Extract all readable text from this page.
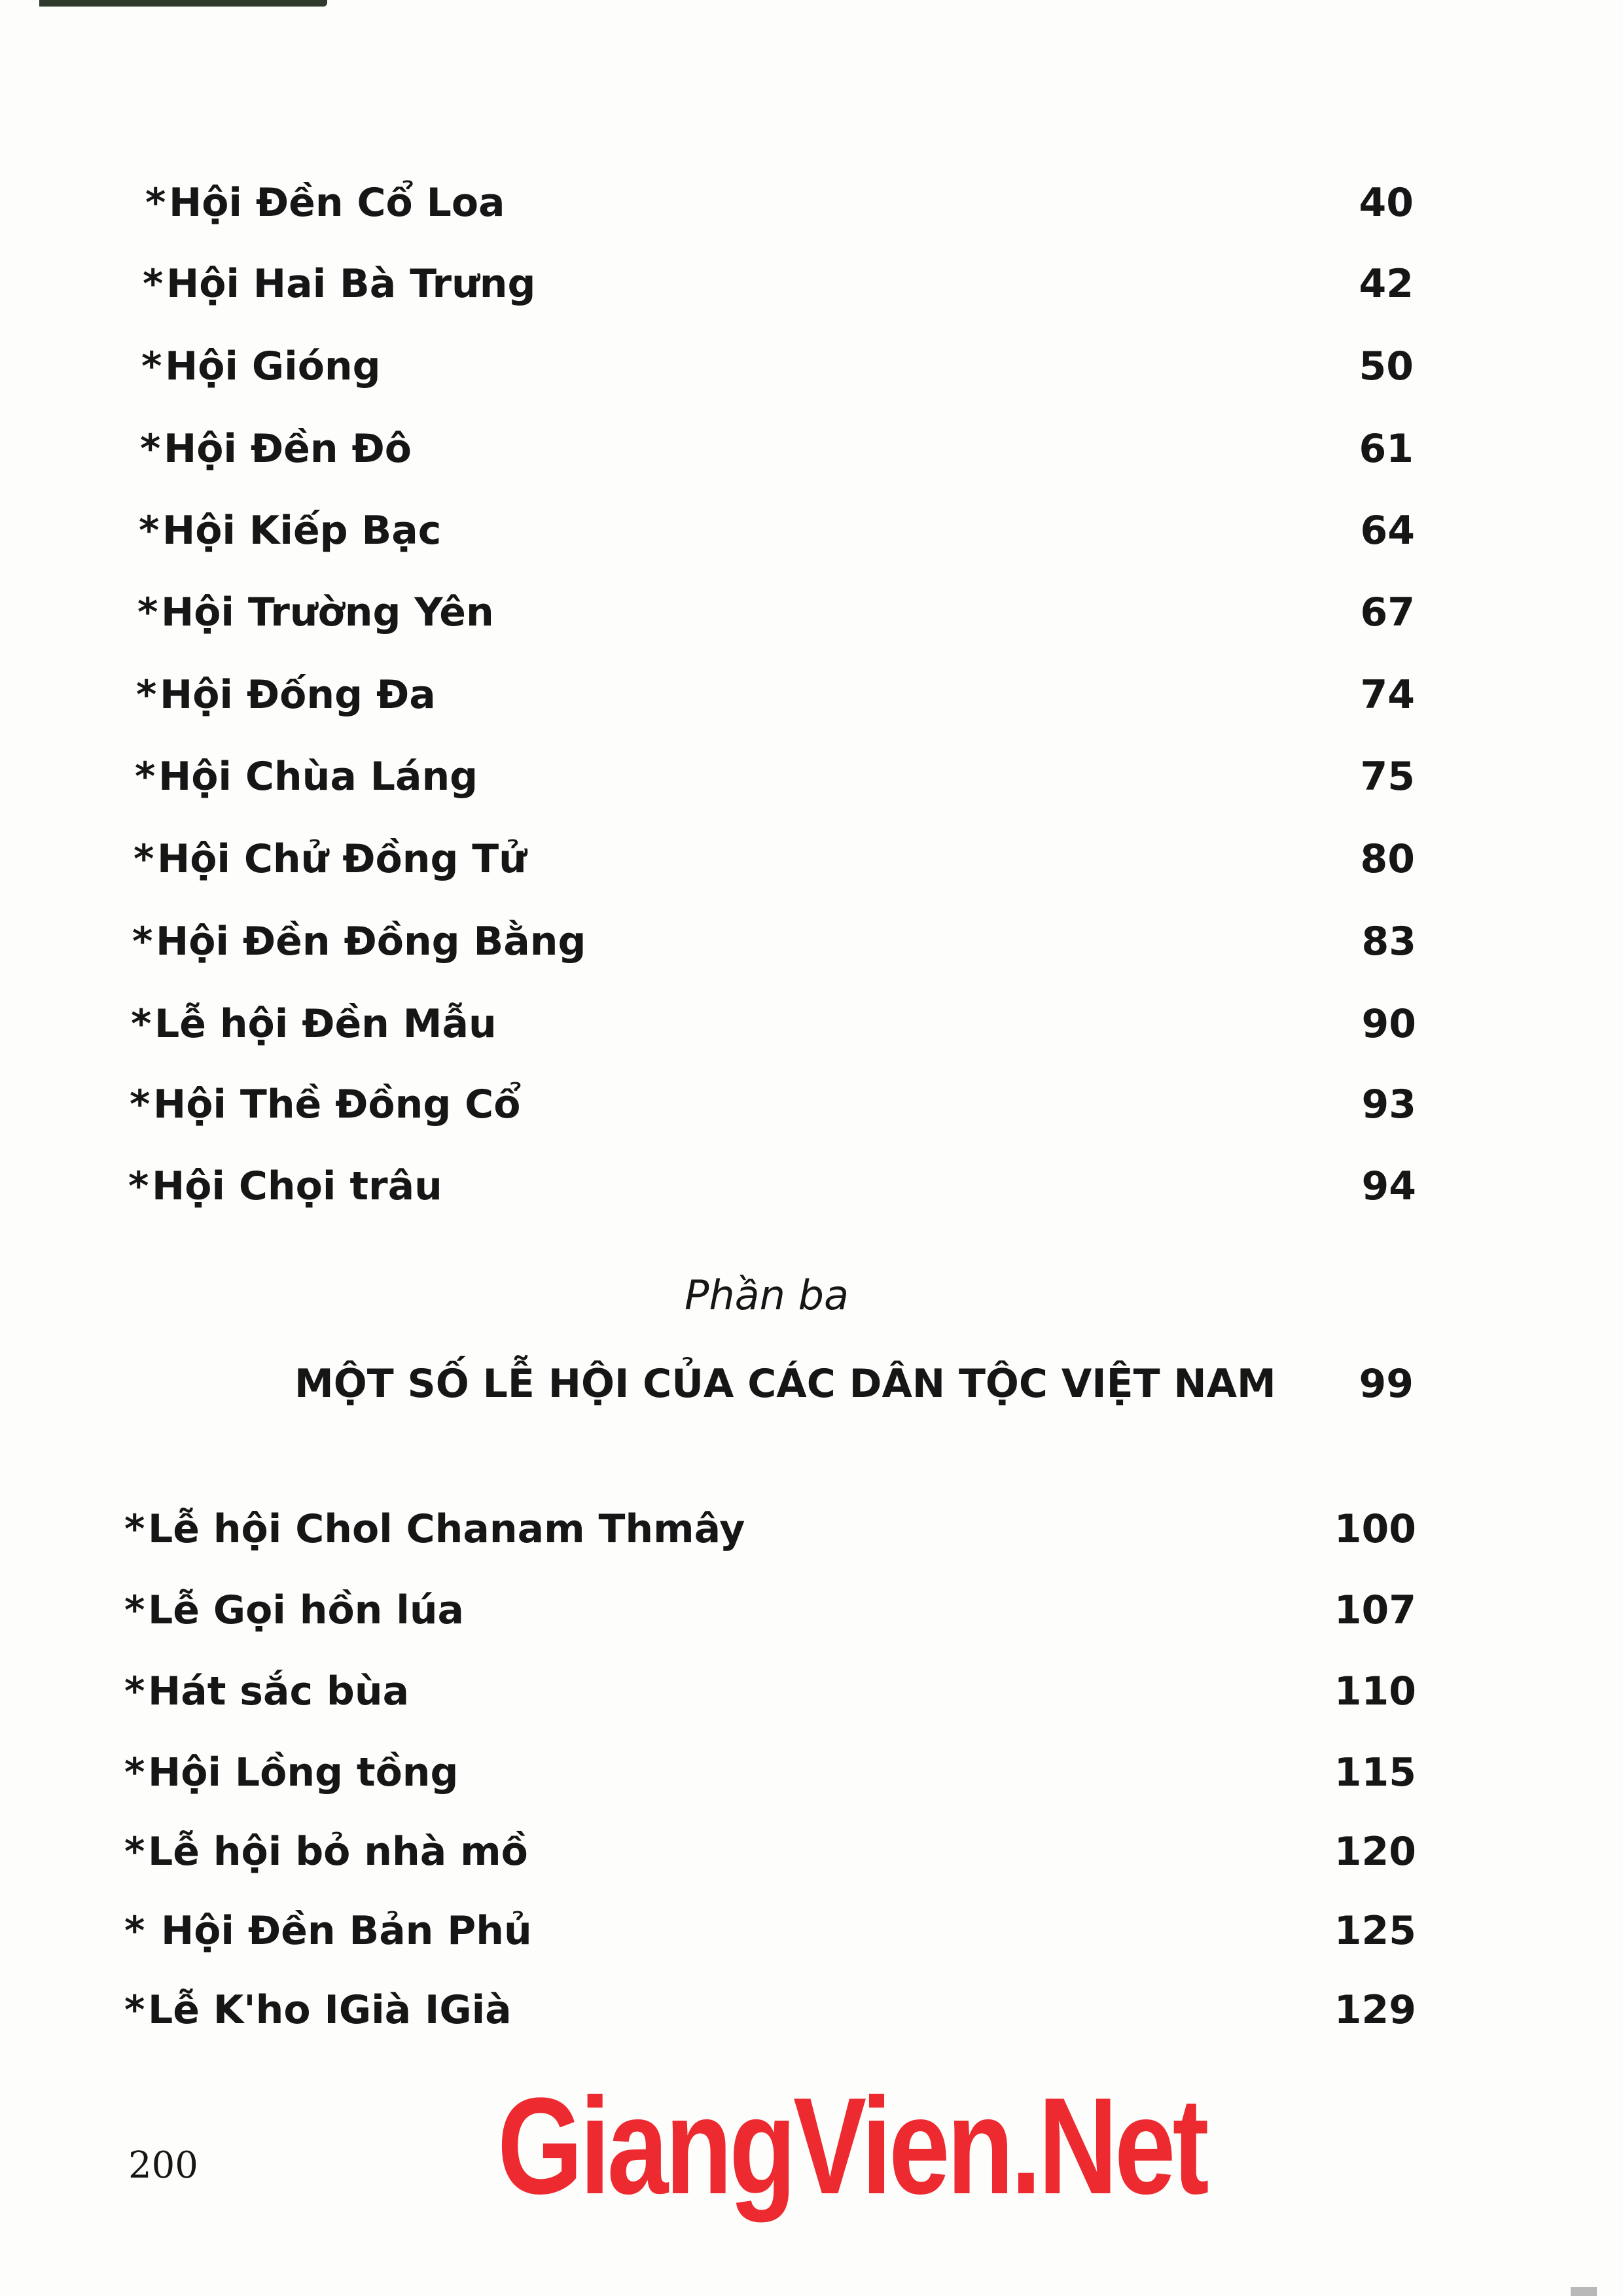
*Hội Đền Cổ Loa	40
*Hội Hai Bà Trưng	42
*Hội Gióng	50
*Hội Đền Đô	61
*Hội Kiếp Bạc	64
*Hội Trường Yên	67
*Hội Đống Đa	74
*Hội Chùa Láng	75
*Hội Chử Đồng Tử	80
*Hội Đền Đồng Bằng	83
*Lễ hội Đền Mẫu	90
*Hội Thề Đồng Cổ	93
*Hội Chọi trâu	94
Phần ba
MỘT SỐ LỄ HỘI CỦA CÁC DÂN TỘC VIỆT NAM 99
*Lễ hội Chol Chanam Thmây	100
*Lễ Gọi hồn lúa	107
*Hát sắc bùa	110
*Hội Lồng tồng	115
*Lễ hội bỏ nhà mồ	120
* Hội Đền Bản Phủ	125
*Lễ K'ho IGià IGià	129
200 GiangVien.Net
